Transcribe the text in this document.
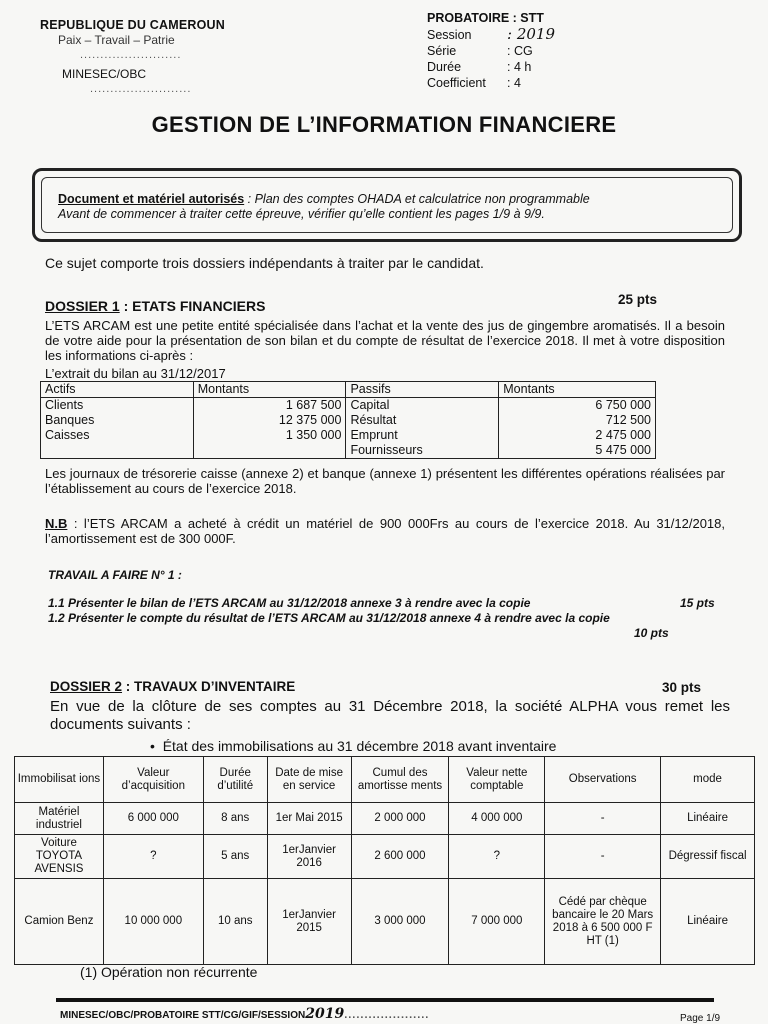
REPUBLIQUE DU CAMEROUN
Paix – Travail – Patrie
.........................
MINESEC/OBC
.........................
PROBATOIRE : STT
Session	: 2019
Série	: CG
Durée	: 4 h
Coefficient	: 4
GESTION DE L’INFORMATION FINANCIERE
Document et matériel autorisés : Plan des comptes OHADA et calculatrice non programmable
Avant de commencer à traiter cette épreuve, vérifier qu’elle contient les pages 1/9 à 9/9.
Ce sujet comporte trois dossiers indépendants à traiter par le candidat.
DOSSIER 1 : ETATS FINANCIERS	25 pts
L’ETS ARCAM est une petite entité spécialisée dans l’achat et la vente des jus de gingembre aromatisés. Il a besoin de votre aide pour la présentation de son bilan et du compte de résultat de l’exercice 2018. Il met à votre disposition les informations ci-après :
L’extrait du bilan au 31/12/2017
Actifs	Montants	Passifs	Montants
Clients	1 687 500	Capital	6 750 000
Banques	12 375 000	Résultat	712 500
Caisses	1 350 000	Emprunt	2 475 000
		Fournisseurs	5 475 000
Les journaux de trésorerie caisse (annexe 2) et banque (annexe 1) présentent les différentes opérations réalisées par l’établissement au cours de l’exercice 2018.
N.B : l’ETS ARCAM a acheté à crédit un matériel de 900 000Frs au cours de l’exercice 2018. Au 31/12/2018, l’amortissement est de 300 000F.
TRAVAIL A FAIRE N° 1 :
1.1 Présenter le bilan de l’ETS ARCAM au 31/12/2018 annexe 3 à rendre avec la copie	15 pts
1.2 Présenter le compte du résultat de l’ETS ARCAM au 31/12/2018 annexe 4 à rendre avec la copie
10 pts
DOSSIER 2 : TRAVAUX D’INVENTAIRE	30 pts
En vue de la clôture de ses comptes au 31 Décembre 2018, la société ALPHA vous remet les documents suivants :
• État des immobilisations au 31 décembre 2018 avant inventaire
Immobilisat ions	Valeur d’acquisition	Durée d’utilité	Date de mise en service	Cumul des amortisse ments	Valeur nette comptable	Observations	mode
Matériel industriel	6 000 000	8 ans	1er Mai 2015	2 000 000	4 000 000	-	Linéaire
Voiture TOYOTA AVENSIS	?	5 ans	1erJanvier 2016	2 600 000	?	-	Dégressif fiscal
Camion Benz	10 000 000	10 ans	1erJanvier 2015	3 000 000	7 000 000	Cédé par chèque bancaire le 20 Mars 2018 à 6 500 000 F HT (1)	Linéaire
(1) Opération non récurrente
MINESEC/OBC/PROBATOIRE STT/CG/GIF/SESSION2019.....................	Page 1/9
